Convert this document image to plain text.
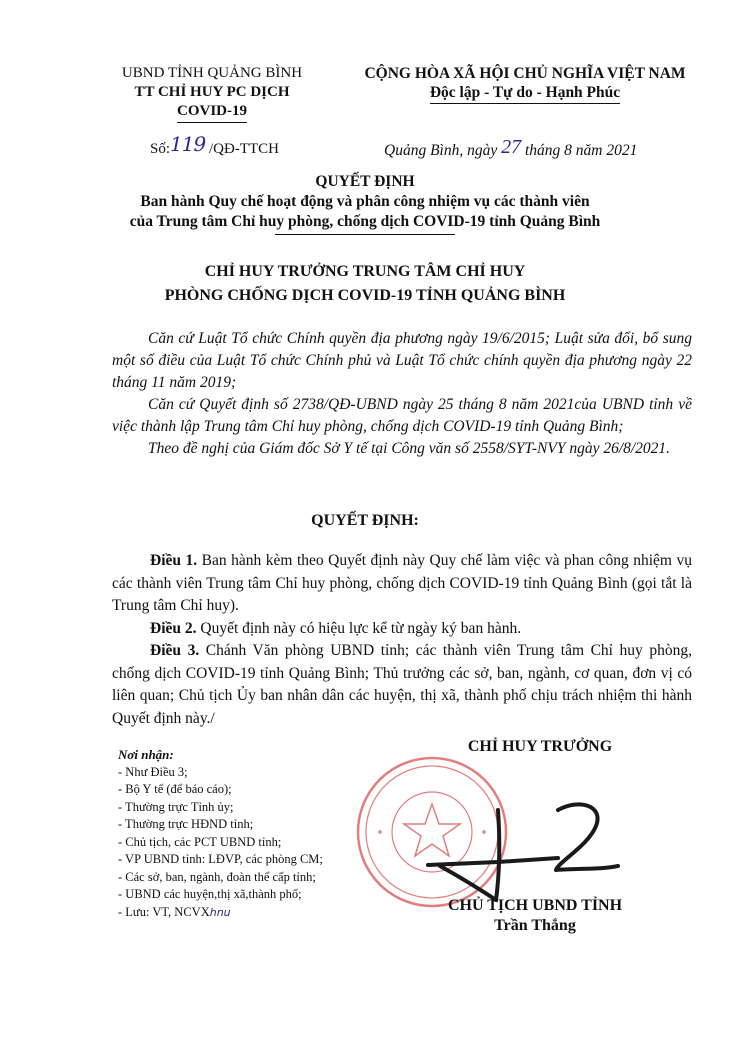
UBND TỈNH QUẢNG BÌNH
TT CHỈ HUY PC DỊCH
COVID-19
CỘNG HÒA XÃ HỘI CHỦ NGHĨA VIỆT NAM
Độc lập - Tự do - Hạnh Phúc
Số:119 /QĐ-TTCH	Quảng Bình, ngày 27 tháng 8 năm 2021
QUYẾT ĐỊNH
Ban hành Quy chế hoạt động và phân công nhiệm vụ các thành viên
của Trung tâm Chỉ huy phòng, chống dịch COVID-19 tỉnh Quảng Bình
CHỈ HUY TRƯỞNG TRUNG TÂM CHỈ HUY
PHÒNG CHỐNG DỊCH COVID-19 TỈNH QUẢNG BÌNH

Căn cứ Luật Tổ chức Chính quyền địa phương ngày 19/6/2015; Luật sửa đổi, bổ sung một số điều của Luật Tổ chức Chính phủ và Luật Tổ chức chính quyền địa phương ngày 22 tháng 11 năm 2019;

Căn cứ Quyết định số 2738/QĐ-UBND ngày 25 tháng 8 năm 2021của UBND tỉnh về việc thành lập Trung tâm Chỉ huy phòng, chống dịch COVID-19 tỉnh Quảng Bình;

Theo đề nghị của Giám đốc Sở Y tế tại Công văn số 2558/SYT-NVY ngày 26/8/2021.

QUYẾT ĐỊNH:

Điều 1. Ban hành kèm theo Quyết định này Quy chế làm việc và phan công nhiệm vụ các thành viên Trung tâm Chỉ huy phòng, chống dịch COVID-19 tỉnh Quảng Bình (gọi tắt là Trung tâm Chỉ huy).

Điều 2. Quyết định này có hiệu lực kể từ ngày ký ban hành.

Điều 3. Chánh Văn phòng UBND tỉnh; các thành viên Trung tâm Chỉ huy phòng, chống dịch COVID-19 tỉnh Quảng Bình; Thủ trưởng các sở, ban, ngành, cơ quan, đơn vị có liên quan; Chủ tịch Ủy ban nhân dân các huyện, thị xã, thành phố chịu trách nhiệm thi hành Quyết định này./

Nơi nhận:
- Như Điều 3;
- Bộ Y tế (để báo cáo);
- Thường trực Tỉnh ủy;
- Thường trực HĐND tỉnh;
- Chủ tịch, các PCT UBND tỉnh;
- VP UBND tỉnh: LĐVP, các phòng CM;
- Các sở, ban, ngành, đoàn thể cấp tỉnh;
- UBND các huyện,thị xã,thành phố;
- Lưu: VT, NCVXhnu
CHỈ HUY TRƯỞNG
CHỦ TỊCH UBND TỈNH
Trần Thắng
